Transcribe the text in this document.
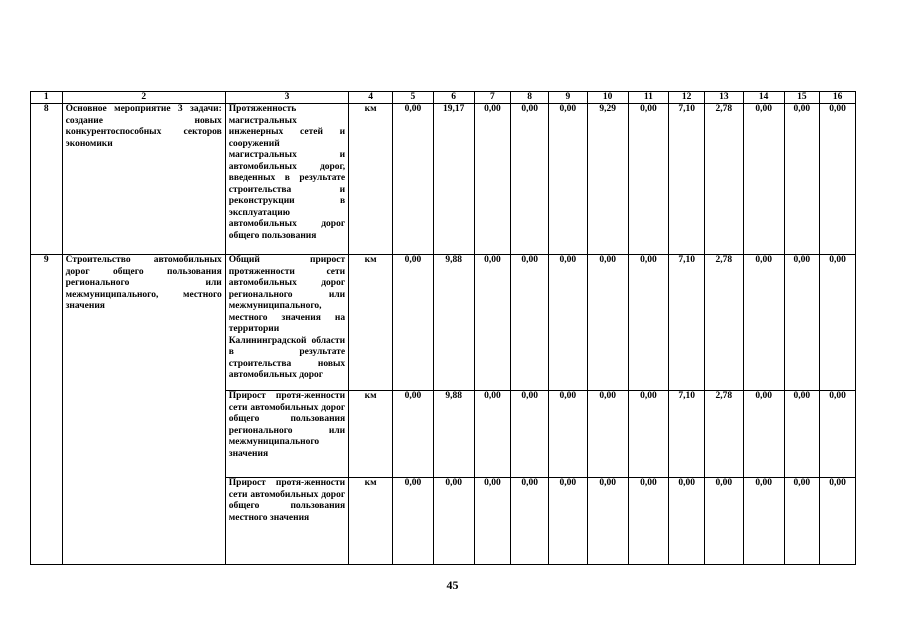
1	2	3	4	5	6	7	8	9	10	11	12	13	14	15	16
8	Основное мероприятие 3 задачи: создание новых конкурентоспособных секторов экономики	Протяженность магистральных инженерных сетей и сооружений магистральных и автомобильных дорог, введенных в результате строительства и реконструкции в эксплуатацию автомобильных дорог общего пользования	км	0,00	19,17	0,00	0,00	0,00	9,29	0,00	7,10	2,78	0,00	0,00	0,00
9	Строительство автомобильных дорог общего пользования регионального или межмуниципального, местного значения	Общий прирост протяженности сети автомобильных дорог регионального или межмуниципального, местного значения на территории Калининградской области в результате строительства новых автомобильных дорог	км	0,00	9,88	0,00	0,00	0,00	0,00	0,00	7,10	2,78	0,00	0,00	0,00
		Прирост протя-женности сети автомобильных дорог общего пользования регионального или межмуниципального значения	км	0,00	9,88	0,00	0,00	0,00	0,00	0,00	7,10	2,78	0,00	0,00	0,00
		Прирост протя-женности сети автомобильных дорог общего пользования местного значения	км	0,00	0,00	0,00	0,00	0,00	0,00	0,00	0,00	0,00	0,00	0,00	0,00
45
